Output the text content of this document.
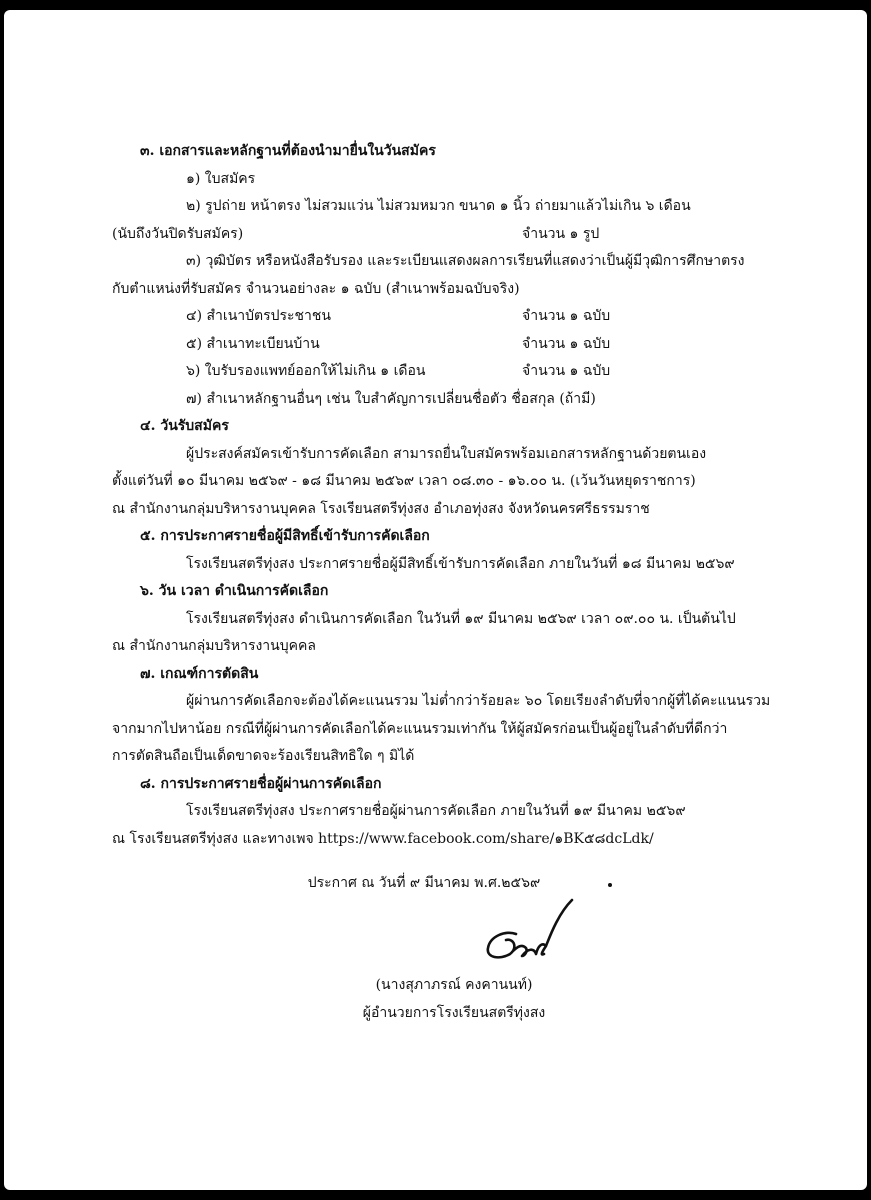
๓. เอกสารและหลักฐานที่ต้องนำมายื่นในวันสมัคร
๑) ใบสมัคร
๒) รูปถ่าย หน้าตรง ไม่สวมแว่น ไม่สวมหมวก ขนาด ๑ นิ้ว ถ่ายมาแล้วไม่เกิน ๖ เดือน
(นับถึงวันปิดรับสมัคร)	จำนวน ๑ รูป
๓) วุฒิบัตร หรือหนังสือรับรอง และระเบียนแสดงผลการเรียนที่แสดงว่าเป็นผู้มีวุฒิการศึกษาตรง
กับตำแหน่งที่รับสมัคร จำนวนอย่างละ ๑ ฉบับ (สำเนาพร้อมฉบับจริง)
๔) สำเนาบัตรประชาชน	จำนวน ๑ ฉบับ
๕) สำเนาทะเบียนบ้าน	จำนวน ๑ ฉบับ
๖) ใบรับรองแพทย์ออกให้ไม่เกิน ๑ เดือน	จำนวน ๑ ฉบับ
๗) สำเนาหลักฐานอื่นๆ เช่น ใบสำคัญการเปลี่ยนชื่อตัว ชื่อสกุล (ถ้ามี)
๔. วันรับสมัคร
ผู้ประสงค์สมัครเข้ารับการคัดเลือก สามารถยื่นใบสมัครพร้อมเอกสารหลักฐานด้วยตนเอง
ตั้งแต่วันที่ ๑๐ มีนาคม ๒๕๖๙ - ๑๘ มีนาคม ๒๕๖๙ เวลา ๐๘.๓๐ - ๑๖.๐๐ น. (เว้นวันหยุดราชการ)
ณ สำนักงานกลุ่มบริหารงานบุคคล โรงเรียนสตรีทุ่งสง อำเภอทุ่งสง จังหวัดนครศรีธรรมราช
๕. การประกาศรายชื่อผู้มีสิทธิ์เข้ารับการคัดเลือก
โรงเรียนสตรีทุ่งสง ประกาศรายชื่อผู้มีสิทธิ์เข้ารับการคัดเลือก ภายในวันที่ ๑๘ มีนาคม ๒๕๖๙
๖. วัน เวลา ดำเนินการคัดเลือก
โรงเรียนสตรีทุ่งสง ดำเนินการคัดเลือก ในวันที่ ๑๙ มีนาคม ๒๕๖๙ เวลา ๐๙.๐๐ น. เป็นต้นไป
ณ สำนักงานกลุ่มบริหารงานบุคคล
๗. เกณฑ์การตัดสิน
ผู้ผ่านการคัดเลือกจะต้องได้คะแนนรวม ไม่ต่ำกว่าร้อยละ ๖๐ โดยเรียงลำดับที่จากผู้ที่ได้คะแนนรวม
จากมากไปหาน้อย กรณีที่ผู้ผ่านการคัดเลือกได้คะแนนรวมเท่ากัน ให้ผู้สมัครก่อนเป็นผู้อยู่ในลำดับที่ดีกว่า
การตัดสินถือเป็นเด็ดขาดจะร้องเรียนสิทธิใด ๆ มิได้
๘. การประกาศรายชื่อผู้ผ่านการคัดเลือก
โรงเรียนสตรีทุ่งสง ประกาศรายชื่อผู้ผ่านการคัดเลือก ภายในวันที่ ๑๙ มีนาคม ๒๕๖๙
ณ โรงเรียนสตรีทุ่งสง และทางเพจ https://www.facebook.com/share/๑BK๕๘dcLdk/
ประกาศ ณ วันที่ ๙ มีนาคม พ.ศ.๒๕๖๙
(นางสุภาภรณ์ คงคานนท์)
ผู้อำนวยการโรงเรียนสตรีทุ่งสง
